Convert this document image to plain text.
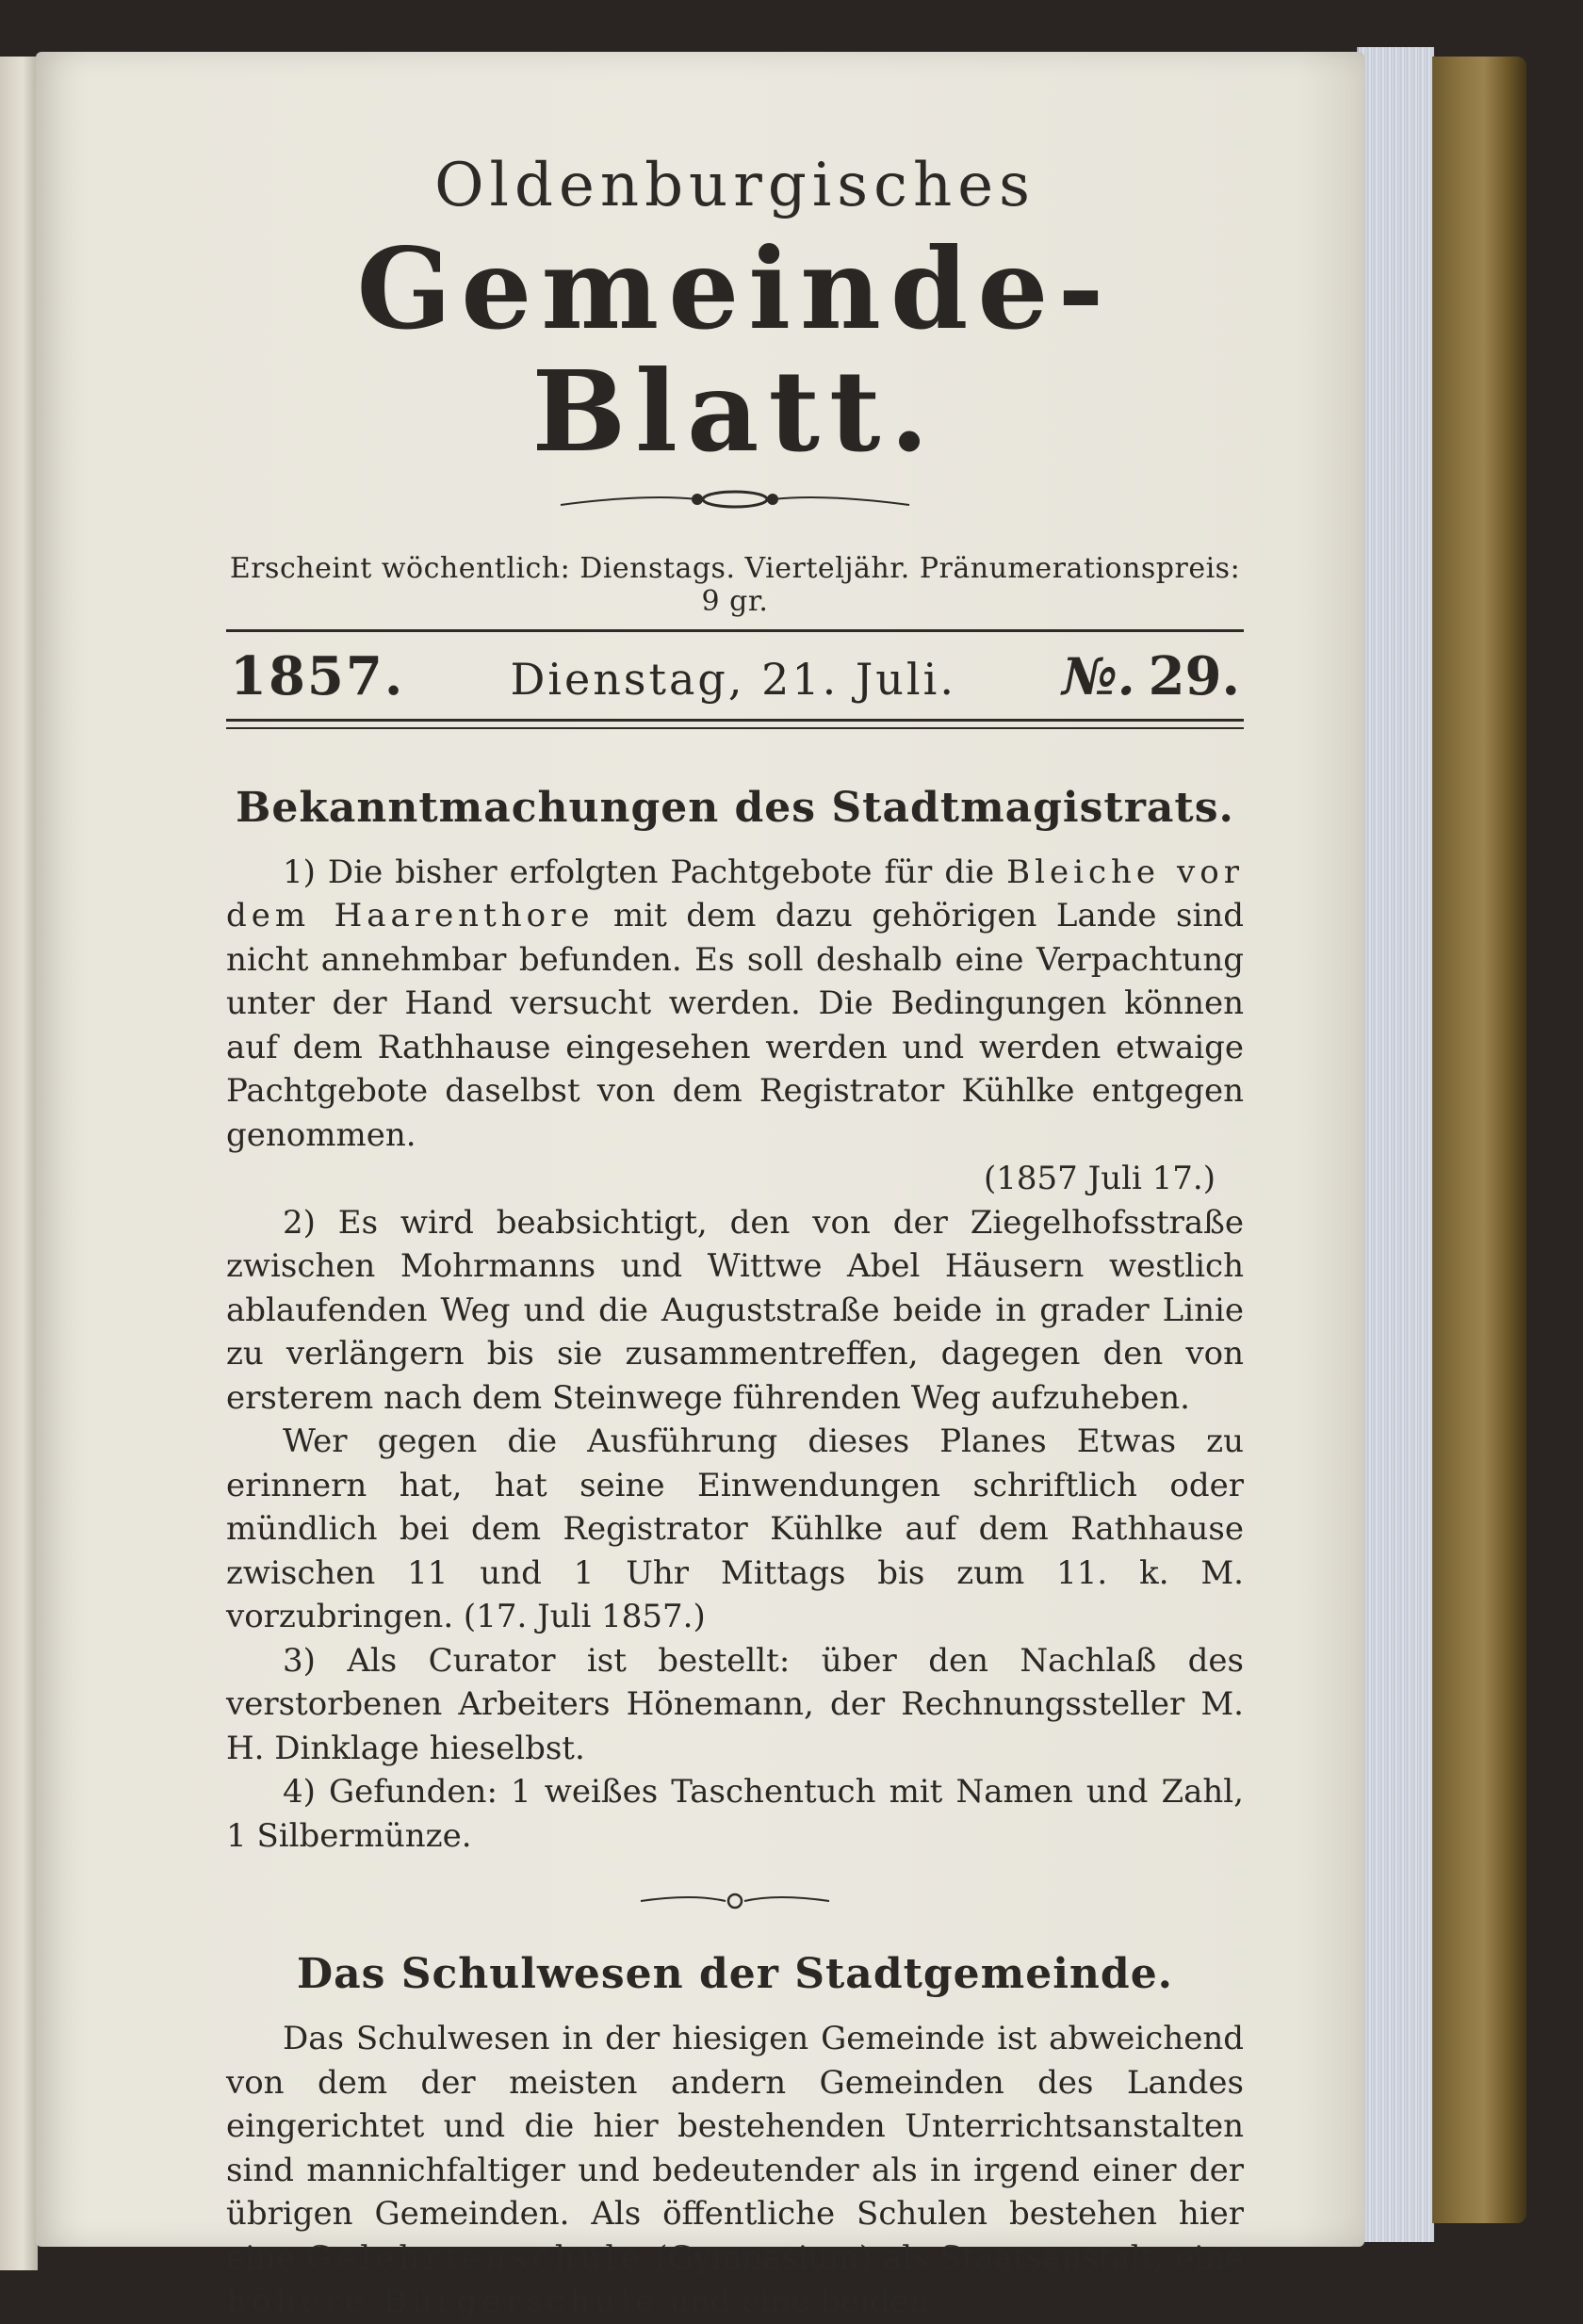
Oldenburgisches
Gemeinde-Blatt.
Erscheint wöchentlich: Dienstags. Vierteljähr. Pränumerationspreis: 9 gr.
1857. Dienstag, 21. Juli. №. 29.
Bekanntmachungen des Stadtmagistrats.

1) Die bisher erfolgten Pachtgebote für die Bleiche vor dem Haarenthore mit dem dazu gehörigen Lande sind nicht annehmbar befunden. Es soll deshalb eine Verpachtung unter der Hand versucht werden. Die Bedingungen können auf dem Rathhause eingesehen werden und werden etwaige Pachtgebote daselbst von dem Registrator Kühlke entgegen genommen.

(1857 Juli 17.)

2) Es wird beabsichtigt, den von der Ziegelhofsstraße zwischen Mohrmanns und Wittwe Abel Häusern westlich ablaufenden Weg und die Auguststraße beide in grader Linie zu verlängern bis sie zusammentreffen, dagegen den von ersterem nach dem Steinwege führenden Weg aufzuheben.

Wer gegen die Ausführung dieses Planes Etwas zu erinnern hat, hat seine Einwendungen schriftlich oder mündlich bei dem Registrator Kühlke auf dem Rathhause zwischen 11 und 1 Uhr Mittags bis zum 11. k. M. vorzubringen. (17. Juli 1857.)

3) Als Curator ist bestellt: über den Nachlaß des verstorbenen Arbeiters Hönemann, der Rechnungssteller M. H. Dinklage hieselbst.

4) Gefunden: 1 weißes Taschentuch mit Namen und Zahl, 1 Silbermünze.

Das Schulwesen der Stadtgemeinde.

Das Schulwesen in der hiesigen Gemeinde ist abweichend von dem der meisten andern Gemeinden des Landes eingerichtet und die hier bestehenden Unterrichtsanstalten sind mannichfaltiger und bedeutender als in irgend einer der übrigen Gemeinden. Als öffentliche Schulen bestehen hier eine Gelehrtenschule (Gymnasium) als Staatsanstalt, eine höhere Bürgerschule und eine beiden
